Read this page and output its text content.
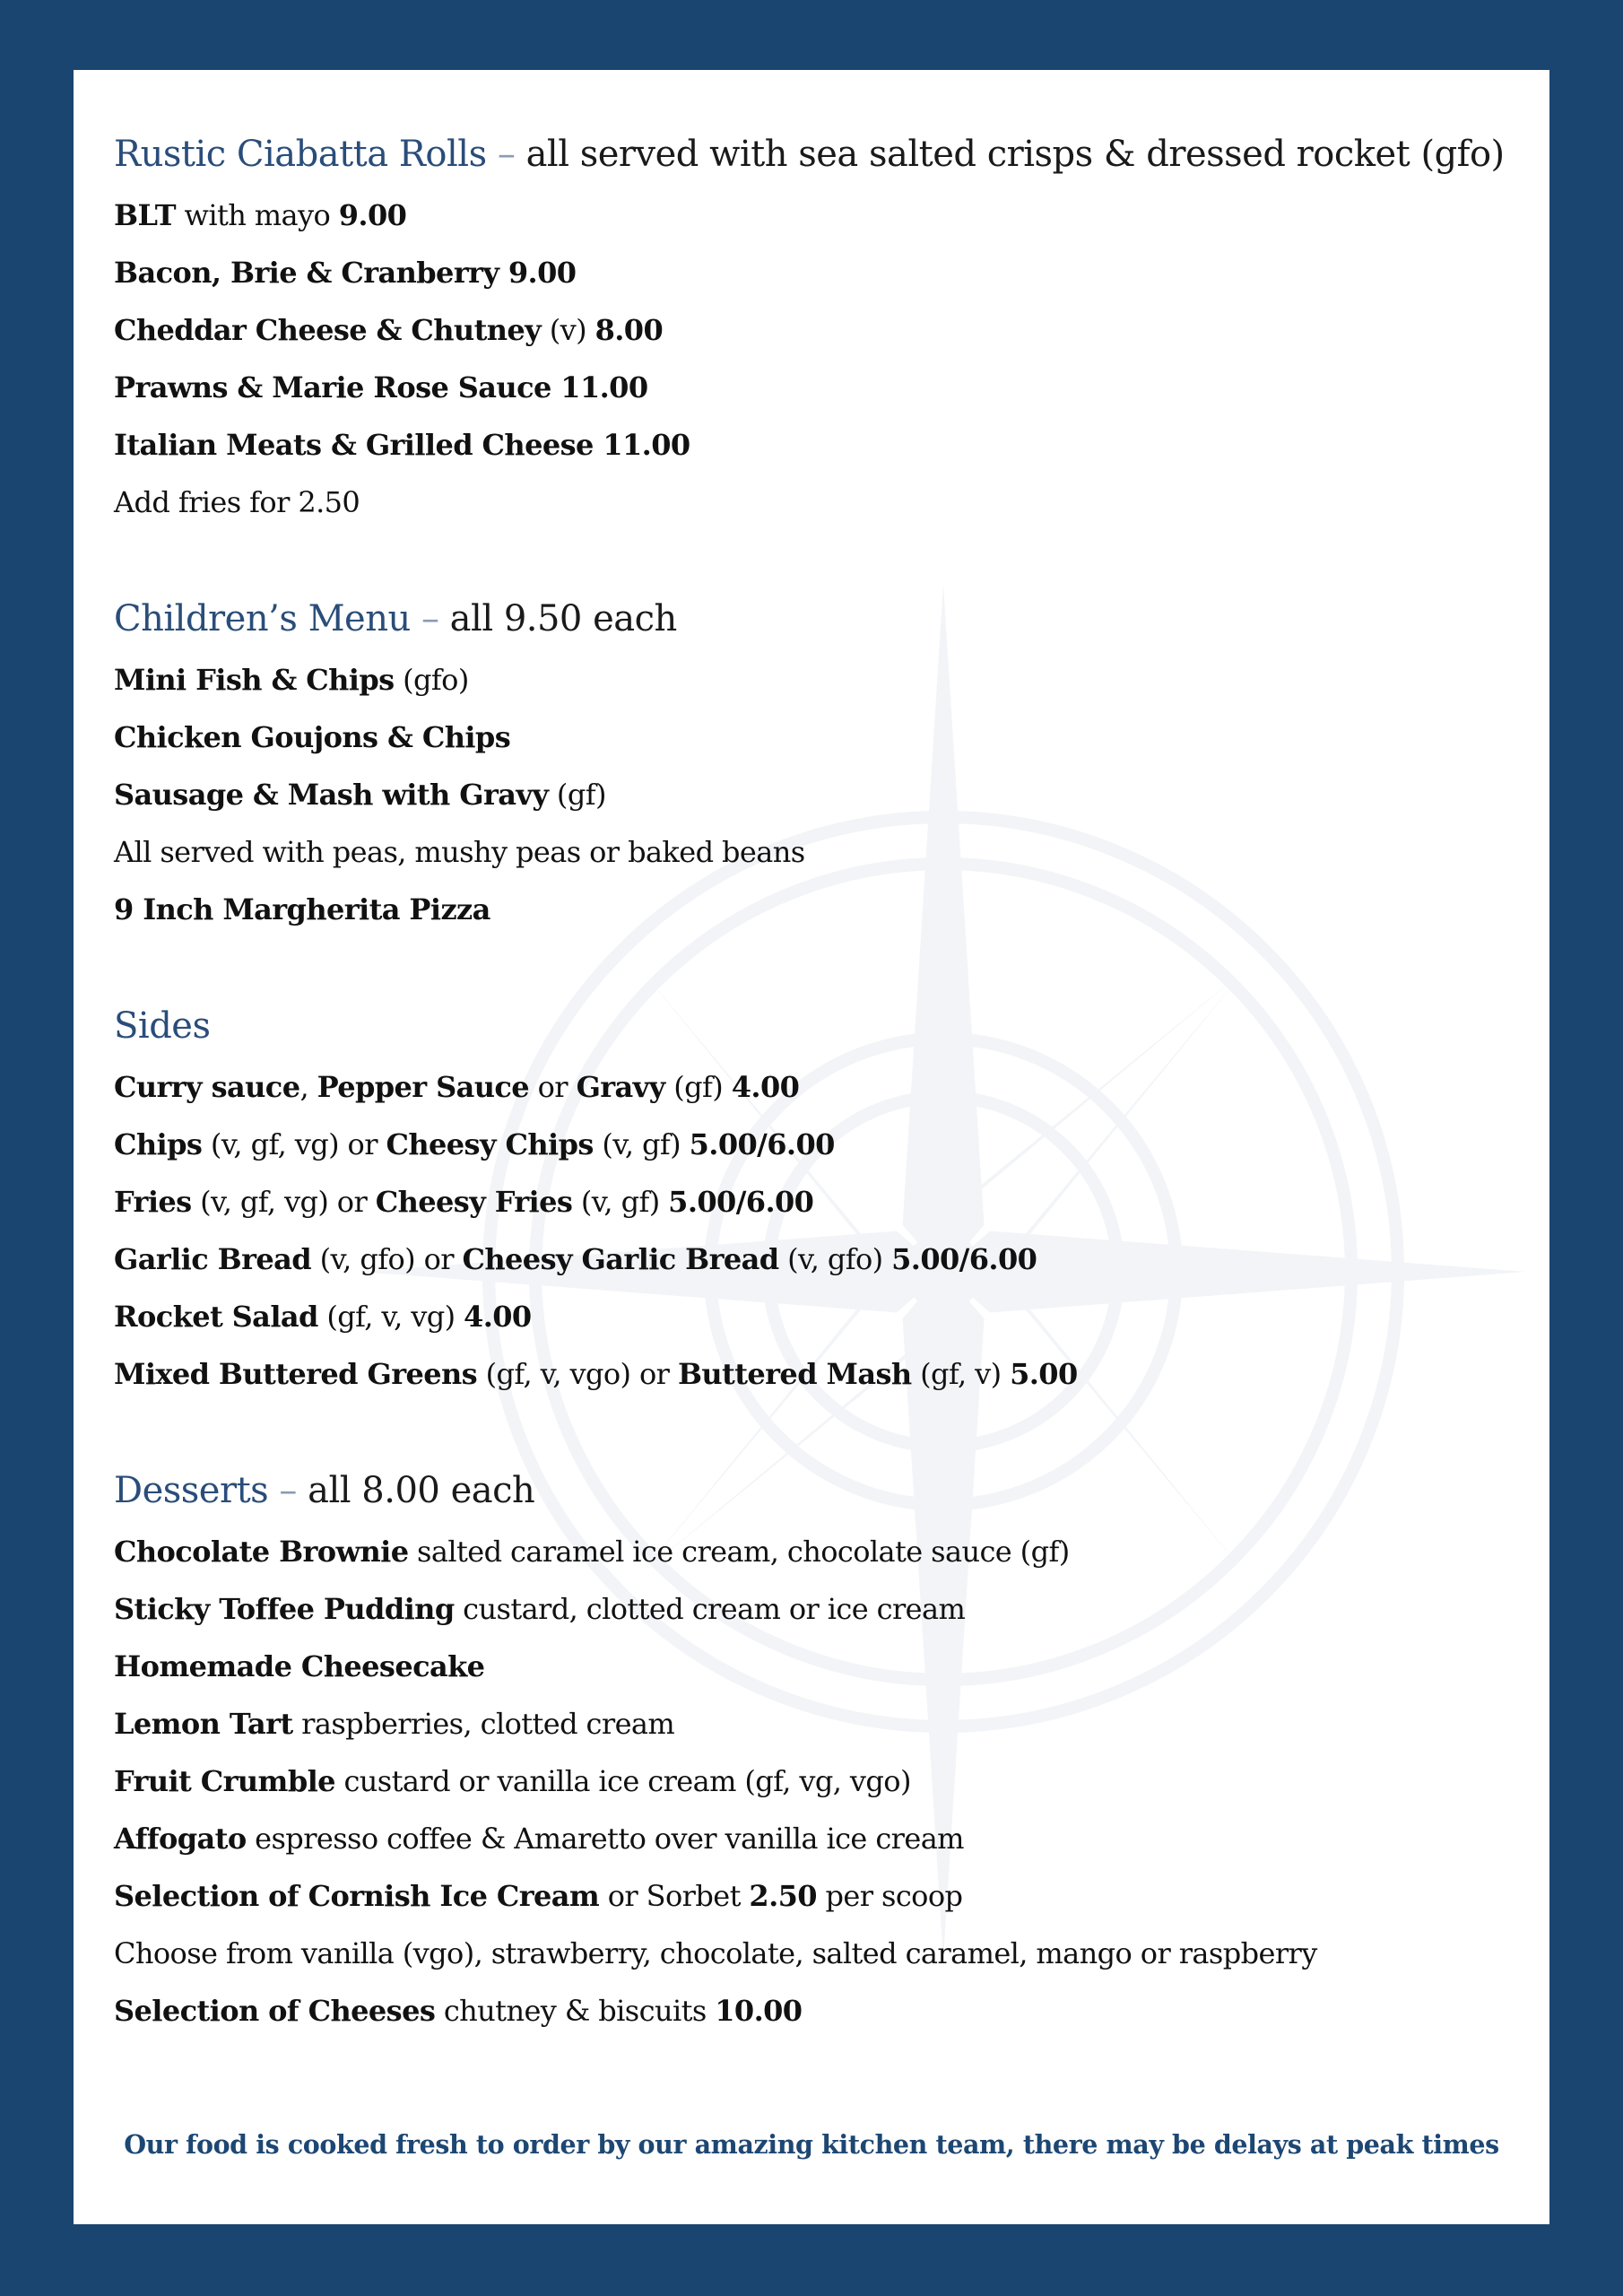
Rustic Ciabatta Rolls – all served with sea salted crisps & dressed rocket (gfo)
BLT with mayo 9.00
Bacon, Brie & Cranberry 9.00
Cheddar Cheese & Chutney (v) 8.00
Prawns & Marie Rose Sauce 11.00
Italian Meats & Grilled Cheese 11.00
Add fries for 2.50
Children’s Menu – all 9.50 each
Mini Fish & Chips (gfo)
Chicken Goujons & Chips
Sausage & Mash with Gravy (gf)
All served with peas, mushy peas or baked beans
9 Inch Margherita Pizza
Sides
Curry sauce, Pepper Sauce or Gravy (gf) 4.00
Chips (v, gf, vg) or Cheesy Chips (v, gf) 5.00/6.00
Fries (v, gf, vg) or Cheesy Fries (v, gf) 5.00/6.00
Garlic Bread (v, gfo) or Cheesy Garlic Bread (v, gfo) 5.00/6.00
Rocket Salad (gf, v, vg) 4.00
Mixed Buttered Greens (gf, v, vgo) or Buttered Mash (gf, v) 5.00
Desserts – all 8.00 each
Chocolate Brownie salted caramel ice cream, chocolate sauce (gf)
Sticky Toffee Pudding custard, clotted cream or ice cream
Homemade Cheesecake
Lemon Tart raspberries, clotted cream
Fruit Crumble custard or vanilla ice cream (gf, vg, vgo)
Affogato espresso coffee & Amaretto over vanilla ice cream
Selection of Cornish Ice Cream or Sorbet 2.50 per scoop
Choose from vanilla (vgo), strawberry, chocolate, salted caramel, mango or raspberry
Selection of Cheeses chutney & biscuits 10.00
Our food is cooked fresh to order by our amazing kitchen team, there may be delays at peak times
